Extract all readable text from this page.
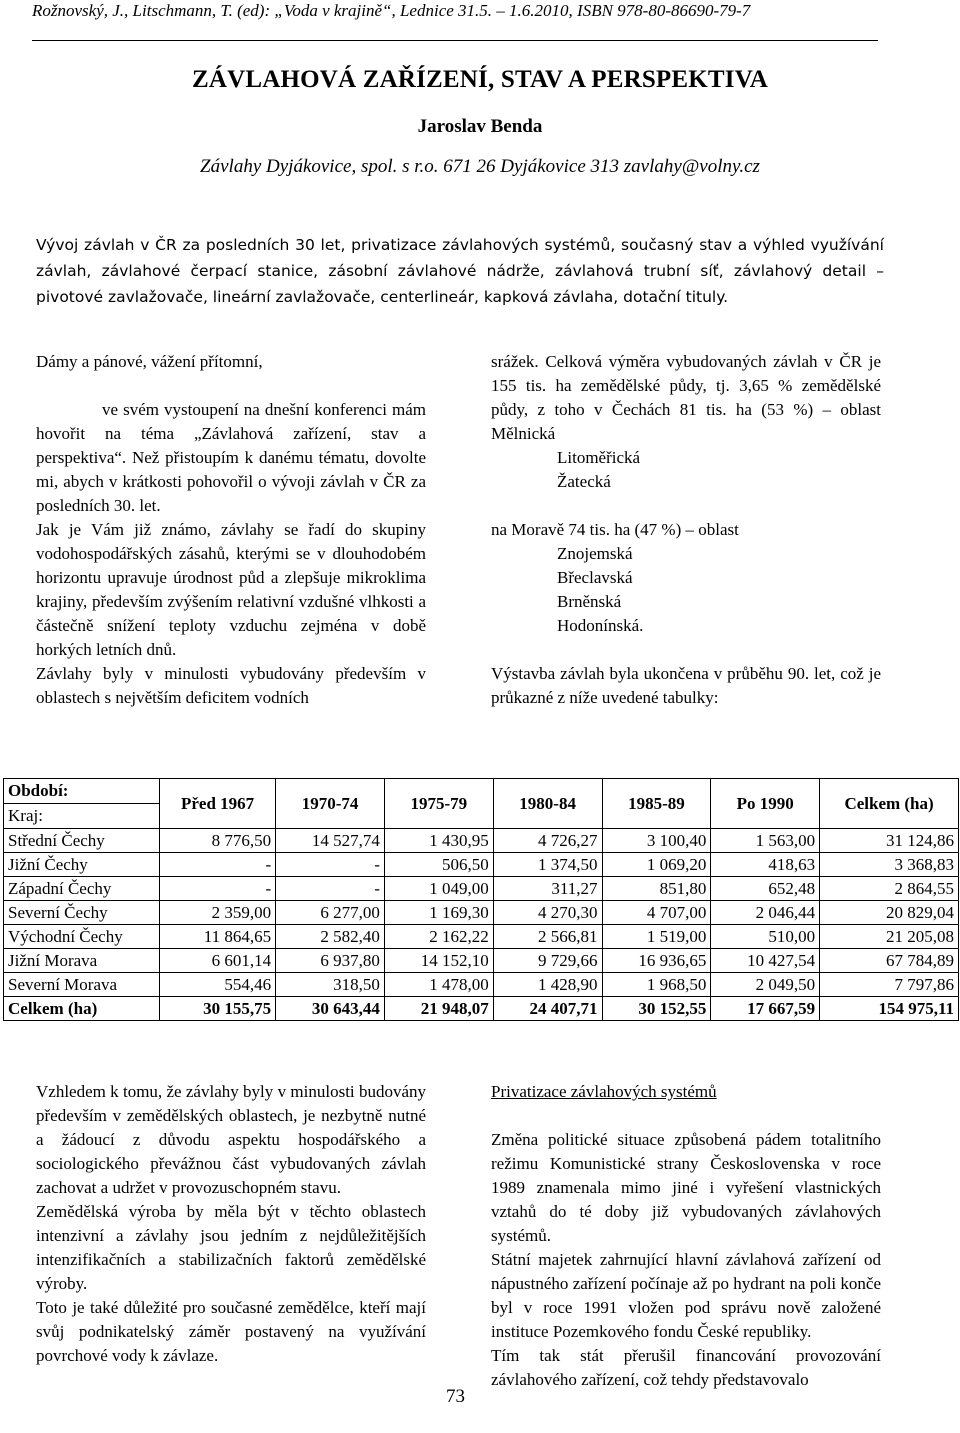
Rožnovský, J., Litschmann, T. (ed): „Voda v krajině“, Lednice 31.5. – 1.6.2010, ISBN 978-80-86690-79-7
ZÁVLAHOVÁ ZAŘÍZENÍ, STAV A PERSPEKTIVA
Jaroslav Benda
Závlahy Dyjákovice, spol. s r.o. 671 26 Dyjákovice 313 zavlahy@volny.cz
Vývoj závlah v ČR za posledních 30 let, privatizace závlahových systémů, současný stav a výhled využívání závlah, závlahové čerpací stanice, zásobní závlahové nádrže, závlahová trubní síť, závlahový detail – pivotové zavlažovače, lineární zavlažovače, centerlineár, kapková závlaha, dotační tituly.

Dámy a pánové, vážení přítomní,

ve svém vystoupení na dnešní konferenci mám hovořit na téma „Závlahová zařízení, stav a perspektiva“. Než přistoupím k danému tématu, dovolte mi, abych v krátkosti pohovořil o vývoji závlah v ČR za posledních 30. let.

Jak je Vám již známo, závlahy se řadí do skupiny vodohospodářských zásahů, kterými se v dlouhodobém horizontu upravuje úrodnost půd a zlepšuje mikroklima krajiny, především zvýšením relativní vzdušné vlhkosti a částečně snížení teploty vzduchu zejména v době horkých letních dnů.

Závlahy byly v minulosti vybudovány především v oblastech s největším deficitem vodních

srážek. Celková výměra vybudovaných závlah v ČR je 155 tis. ha zemědělské půdy, tj. 3,65 % zemědělské půdy, z toho v Čechách 81 tis. ha (53 %) – oblast Mělnická

Litoměřická

Žatecká

na Moravě 74 tis. ha (47 %) – oblast

Znojemská

Břeclavská

Brněnská

Hodonínská.

Výstavba závlah byla ukončena v průběhu 90. let, což je průkazné z níže uvedené tabulky:

Období:
Kraj:	Před 1967	1970-74	1975-79	1980-84	1985-89	Po 1990	Celkem (ha)
Střední Čechy	8 776,50	14 527,74	1 430,95	4 726,27	3 100,40	1 563,00	31 124,86
Jižní Čechy	-	-	506,50	1 374,50	1 069,20	418,63	3 368,83
Západní Čechy	-	-	1 049,00	311,27	851,80	652,48	2 864,55
Severní Čechy	2 359,00	6 277,00	1 169,30	4 270,30	4 707,00	2 046,44	20 829,04
Východní Čechy	11 864,65	2 582,40	2 162,22	2 566,81	1 519,00	510,00	21 205,08
Jižní Morava	6 601,14	6 937,80	14 152,10	9 729,66	16 936,65	10 427,54	67 784,89
Severní Morava	554,46	318,50	1 478,00	1 428,90	1 968,50	2 049,50	7 797,86
Celkem (ha)	30 155,75	30 643,44	21 948,07	24 407,71	30 152,55	17 667,59	154 975,11

Vzhledem k tomu, že závlahy byly v minulosti budovány především v zemědělských oblastech, je nezbytně nutné a žádoucí z důvodu aspektu hospodářského a sociologického převážnou část vybudovaných závlah zachovat a udržet v provozuschopném stavu.

Zemědělská výroba by měla být v těchto oblastech intenzivní a závlahy jsou jedním z nejdůležitějších intenzifikačních a stabilizačních faktorů zemědělské výroby.

Toto je také důležité pro současné zemědělce, kteří mají svůj podnikatelský záměr postavený na využívání povrchové vody k závlaze.

Privatizace závlahových systémů

Změna politické situace způsobená pádem totalitního režimu Komunistické strany Československa v roce 1989 znamenala mimo jiné i vyřešení vlastnických vztahů do té doby již vybudovaných závlahových systémů.

Státní majetek zahrnující hlavní závlahová zařízení od nápustného zařízení počínaje až po hydrant na poli konče byl v roce 1991 vložen pod správu nově založené instituce Pozemkového fondu České republiky.

Tím tak stát přerušil financování provozování závlahového zařízení, což tehdy představovalo

73
